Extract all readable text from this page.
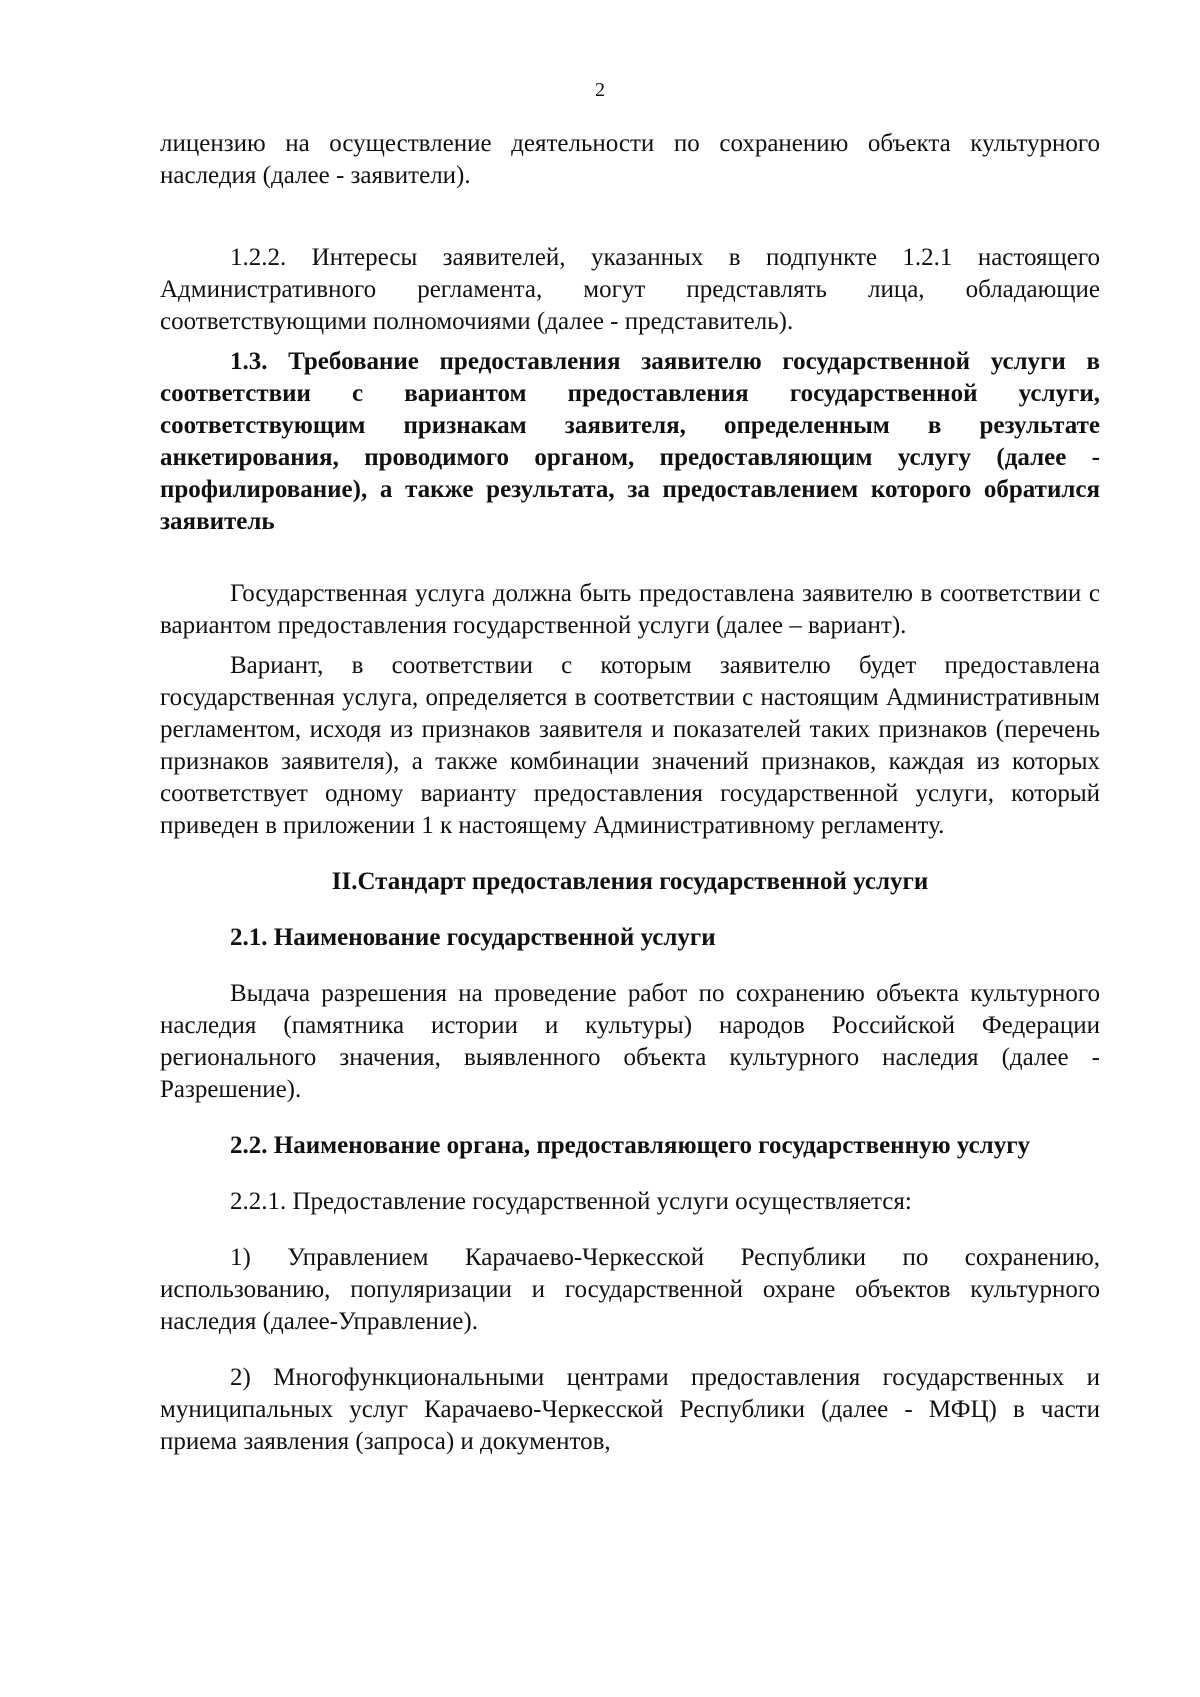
2

лицензию на осуществление деятельности по сохранению объекта культурного наследия (далее - заявители).

1.2.2. Интересы заявителей, указанных в подпункте 1.2.1 настоящего Административного регламента, могут представлять лица, обладающие соответствующими полномочиями (далее - представитель).

1.3. Требование предоставления заявителю государственной услуги в соответствии с вариантом предоставления государственной услуги, соответствующим признакам заявителя, определенным в результате анкетирования, проводимого органом, предоставляющим услугу (далее - профилирование), а также результата, за предоставлением которого обратился заявитель

Государственная услуга должна быть предоставлена заявителю в соответствии с вариантом предоставления государственной услуги (далее – вариант).

Вариант, в соответствии с которым заявителю будет предоставлена государственная услуга, определяется в соответствии с настоящим Административным регламентом, исходя из признаков заявителя и показателей таких признаков (перечень признаков заявителя), а также комбинации значений признаков, каждая из которых соответствует одному варианту предоставления государственной услуги, который приведен в приложении 1 к настоящему Административному регламенту.

II.Стандарт предоставления государственной услуги

2.1. Наименование государственной услуги

Выдача разрешения на проведение работ по сохранению объекта культурного наследия (памятника истории и культуры) народов Российской Федерации регионального значения, выявленного объекта культурного наследия (далее - Разрешение).

2.2. Наименование органа, предоставляющего государственную услугу

2.2.1. Предоставление государственной услуги осуществляется:

1) Управлением Карачаево-Черкесской Республики по сохранению, использованию, популяризации и государственной охране объектов культурного наследия (далее-Управление).

2) Многофункциональными центрами предоставления государственных и муниципальных услуг Карачаево-Черкесской Республики (далее - МФЦ) в части приема заявления (запроса) и документов,
